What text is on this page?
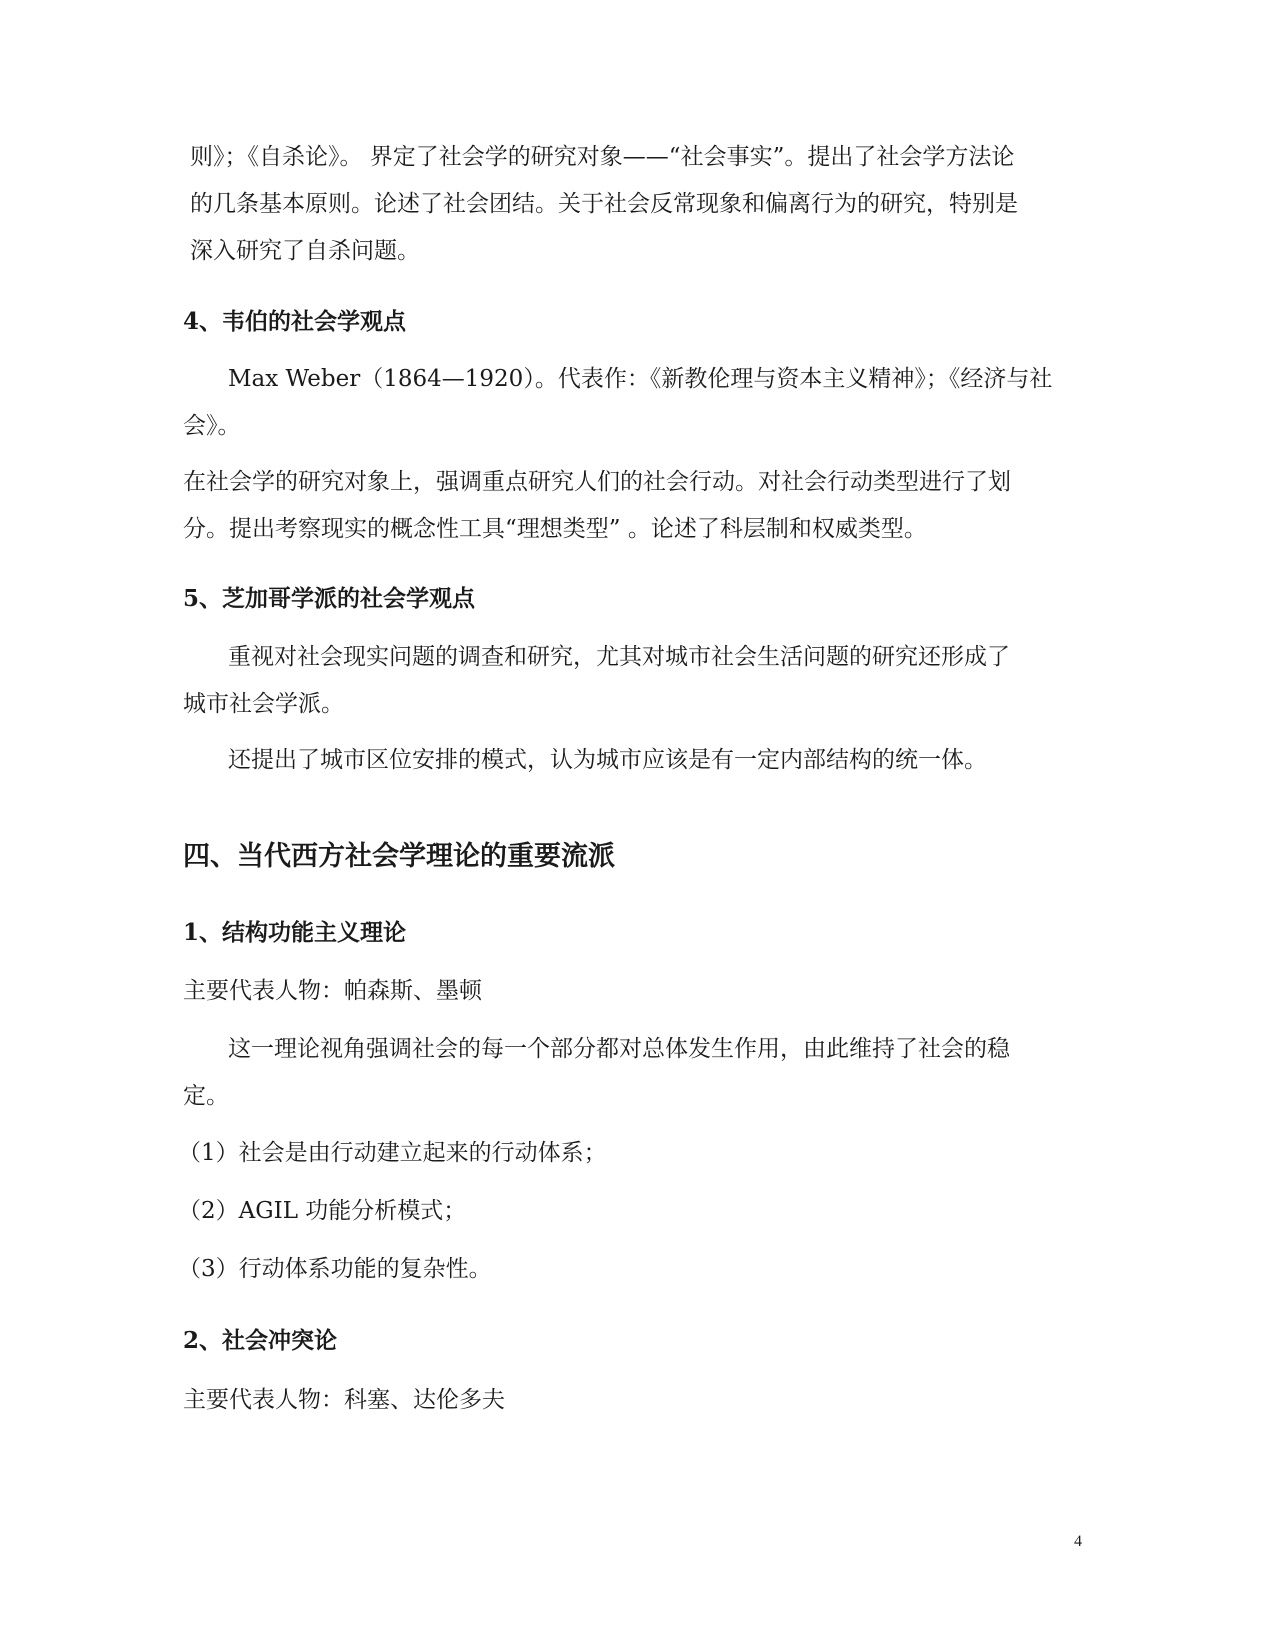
则》；《自杀论》。 界定了社会学的研究对象——“社会事实”。提出了社会学方法论
的几条基本原则。论述了社会团结。关于社会反常现象和偏离行为的研究，特别是
深入研究了自杀问题。
4、韦伯的社会学观点
Max Weber（1864—1920）。代表作：《新教伦理与资本主义精神》；《经济与社
会》。
在社会学的研究对象上，强调重点研究人们的社会行动。对社会行动类型进行了划
分。提出考察现实的概念性工具“理想类型” 。论述了科层制和权威类型。
5、芝加哥学派的社会学观点
重视对社会现实问题的调查和研究，尤其对城市社会生活问题的研究还形成了
城市社会学派。
还提出了城市区位安排的模式，认为城市应该是有一定内部结构的统一体。
四、当代西方社会学理论的重要流派
1、结构功能主义理论
主要代表人物：帕森斯、墨顿
这一理论视角强调社会的每一个部分都对总体发生作用，由此维持了社会的稳
定。
（1）社会是由行动建立起来的行动体系；
（2）AGIL 功能分析模式；
（3）行动体系功能的复杂性。
2、社会冲突论
主要代表人物：科塞、达伦多夫
4
